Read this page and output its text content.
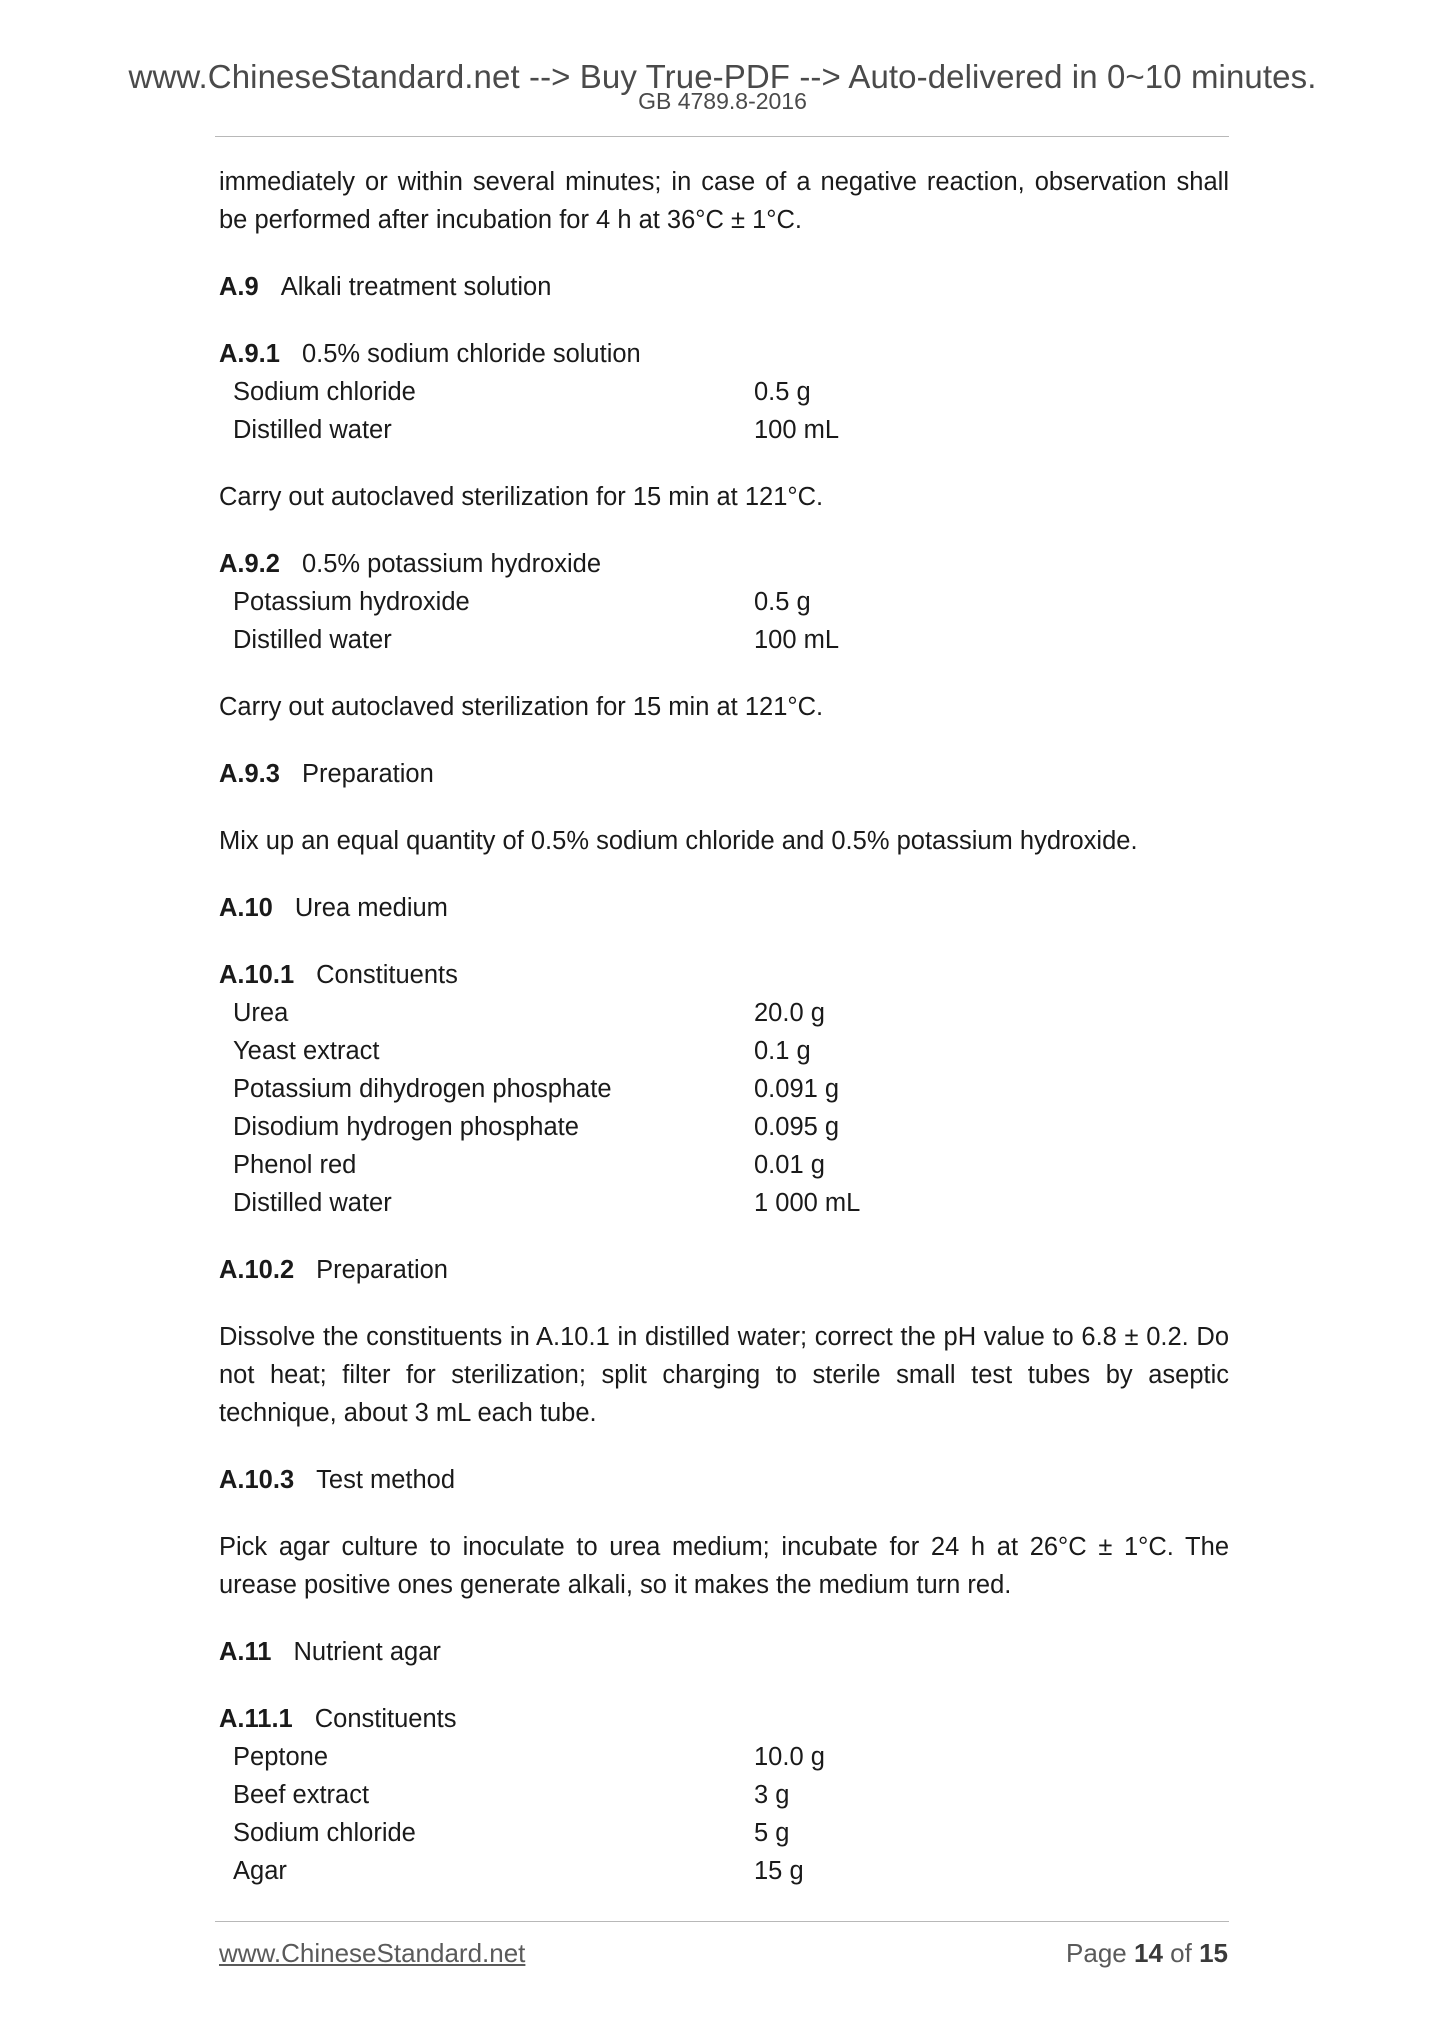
www.ChineseStandard.net --> Buy True-PDF --> Auto-delivered in 0~10 minutes.
GB 4789.8-2016

immediately or within several minutes; in case of a negative reaction, observation shall be performed after incubation for 4 h at 36°C ± 1°C.

A.9 Alkali treatment solution
A.9.1 0.5% sodium chloride solution
Sodium chloride	0.5 g
Distilled water	100 mL

Carry out autoclaved sterilization for 15 min at 121°C.

A.9.2 0.5% potassium hydroxide
Potassium hydroxide	0.5 g
Distilled water	100 mL

Carry out autoclaved sterilization for 15 min at 121°C.

A.9.3 Preparation

Mix up an equal quantity of 0.5% sodium chloride and 0.5% potassium hydroxide.

A.10 Urea medium
A.10.1 Constituents
Urea	20.0 g
Yeast extract	0.1 g
Potassium dihydrogen phosphate	0.091 g
Disodium hydrogen phosphate	0.095 g
Phenol red	0.01 g
Distilled water	1 000 mL
A.10.2 Preparation

Dissolve the constituents in A.10.1 in distilled water; correct the pH value to 6.8 ± 0.2. Do not heat; filter for sterilization; split charging to sterile small test tubes by aseptic technique, about 3 mL each tube.

A.10.3 Test method

Pick agar culture to inoculate to urea medium; incubate for 24 h at 26°C ± 1°C. The urease positive ones generate alkali, so it makes the medium turn red.

A.11 Nutrient agar
A.11.1 Constituents
Peptone	10.0 g
Beef extract	3 g
Sodium chloride	5 g
Agar	15 g
www.ChineseStandard.net	Page 14 of 15
